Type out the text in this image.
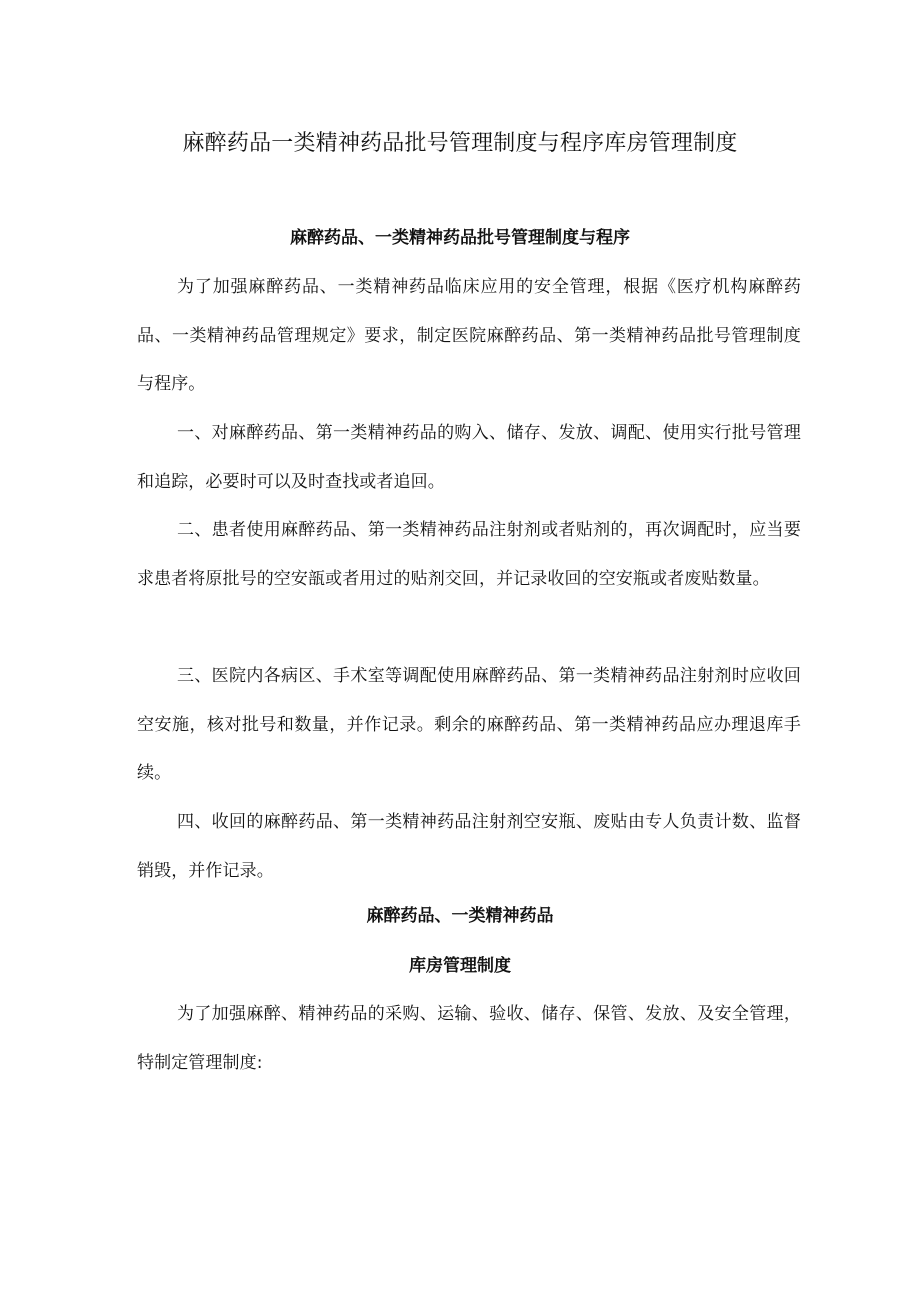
麻醉药品一类精神药品批号管理制度与程序库房管理制度
麻醉药品、一类精神药品批号管理制度与程序

为了加强麻醉药品、一类精神药品临床应用的安全管理，根据《医疗机构麻醉药品、一类精神药品管理规定》要求，制定医院麻醉药品、第一类精神药品批号管理制度与程序。

一、对麻醉药品、第一类精神药品的购入、储存、发放、调配、使用实行批号管理和追踪，必要时可以及时查找或者追回。

二、患者使用麻醉药品、第一类精神药品注射剂或者贴剂的，再次调配时，应当要求患者将原批号的空安瓿或者用过的贴剂交回，并记录收回的空安瓶或者废贴数量。

三、医院内各病区、手术室等调配使用麻醉药品、第一类精神药品注射剂时应收回空安施，核对批号和数量，并作记录。剩余的麻醉药品、第一类精神药品应办理退库手续。

四、收回的麻醉药品、第一类精神药品注射剂空安瓶、废贴由专人负责计数、监督销毁，并作记录。

麻醉药品、一类精神药品
库房管理制度

为了加强麻醉、精神药品的采购、运输、验收、储存、保管、发放、及安全管理，特制定管理制度:
